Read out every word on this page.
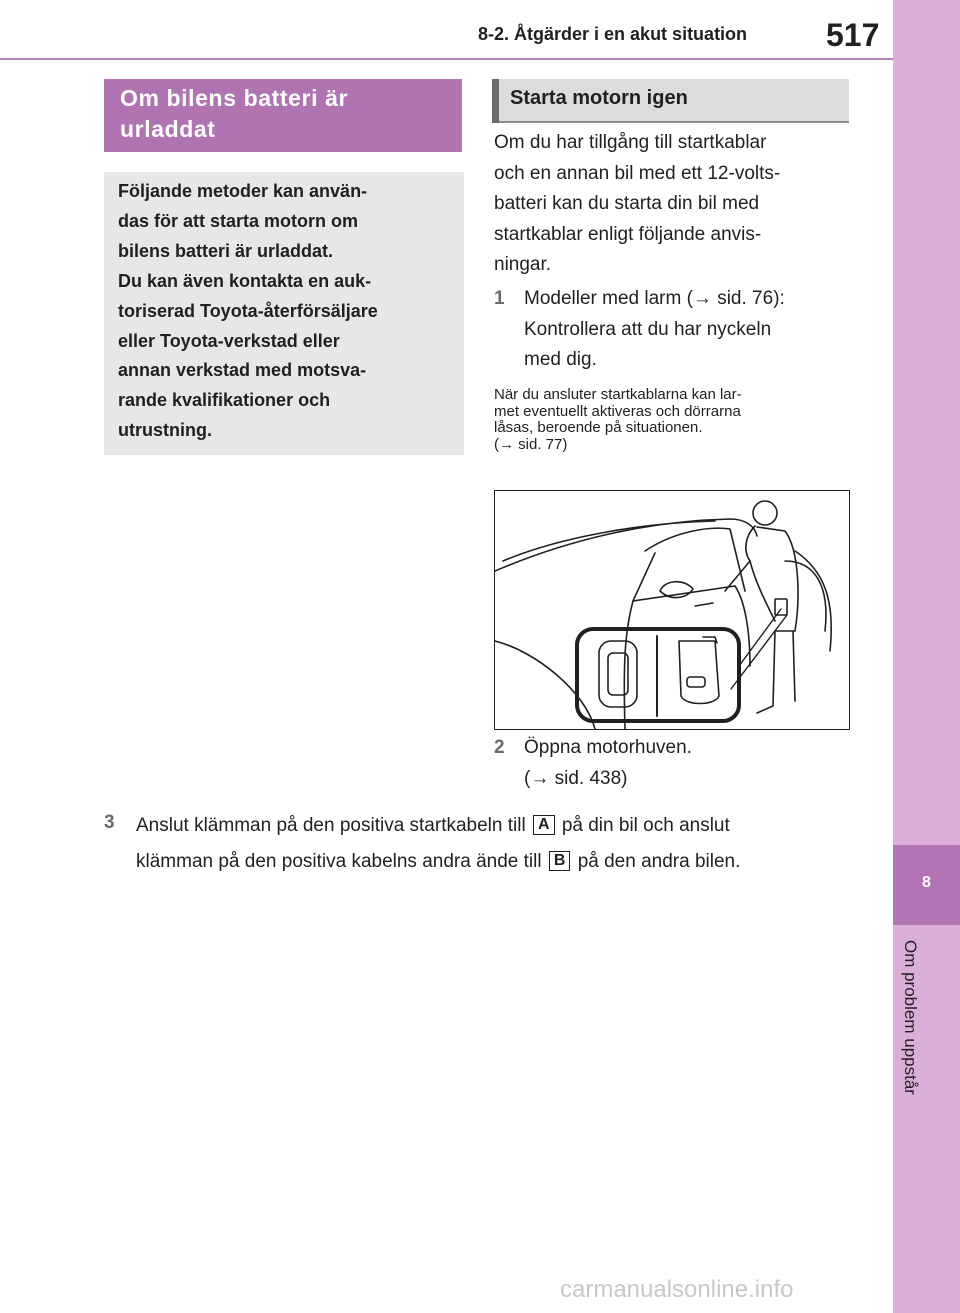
8-2. Åtgärder i en akut situation 517
8
Om problem uppstår
Om bilens batteri är urladdat

Följande metoder kan använ-
das för att starta motorn om
bilens batteri är urladdat.
Du kan även kontakta en auk-
toriserad Toyota-återförsäljare
eller Toyota-verkstad eller
annan verkstad med motsva-
rande kvalifikationer och
utrustning.

Starta motorn igen
Om du har tillgång till startkablar
och en annan bil med ett 12-volts-
batteri kan du starta din bil med
startkablar enligt följande anvis-
ningar.

1 Modeller med larm (→ sid. 76):
Kontrollera att du har nyckeln
med dig.

När du ansluter startkablarna kan lar-
met eventuellt aktiveras och dörrarna
låsas, beroende på situationen.
(→ sid. 77)

2 Öppna motorhuven.
(→ sid. 438)

3 Anslut klämman på den positiva startkabeln till A på din bil och anslut
klämman på den positiva kabelns andra ände till B på den andra bilen.

carmanualsonline.info
